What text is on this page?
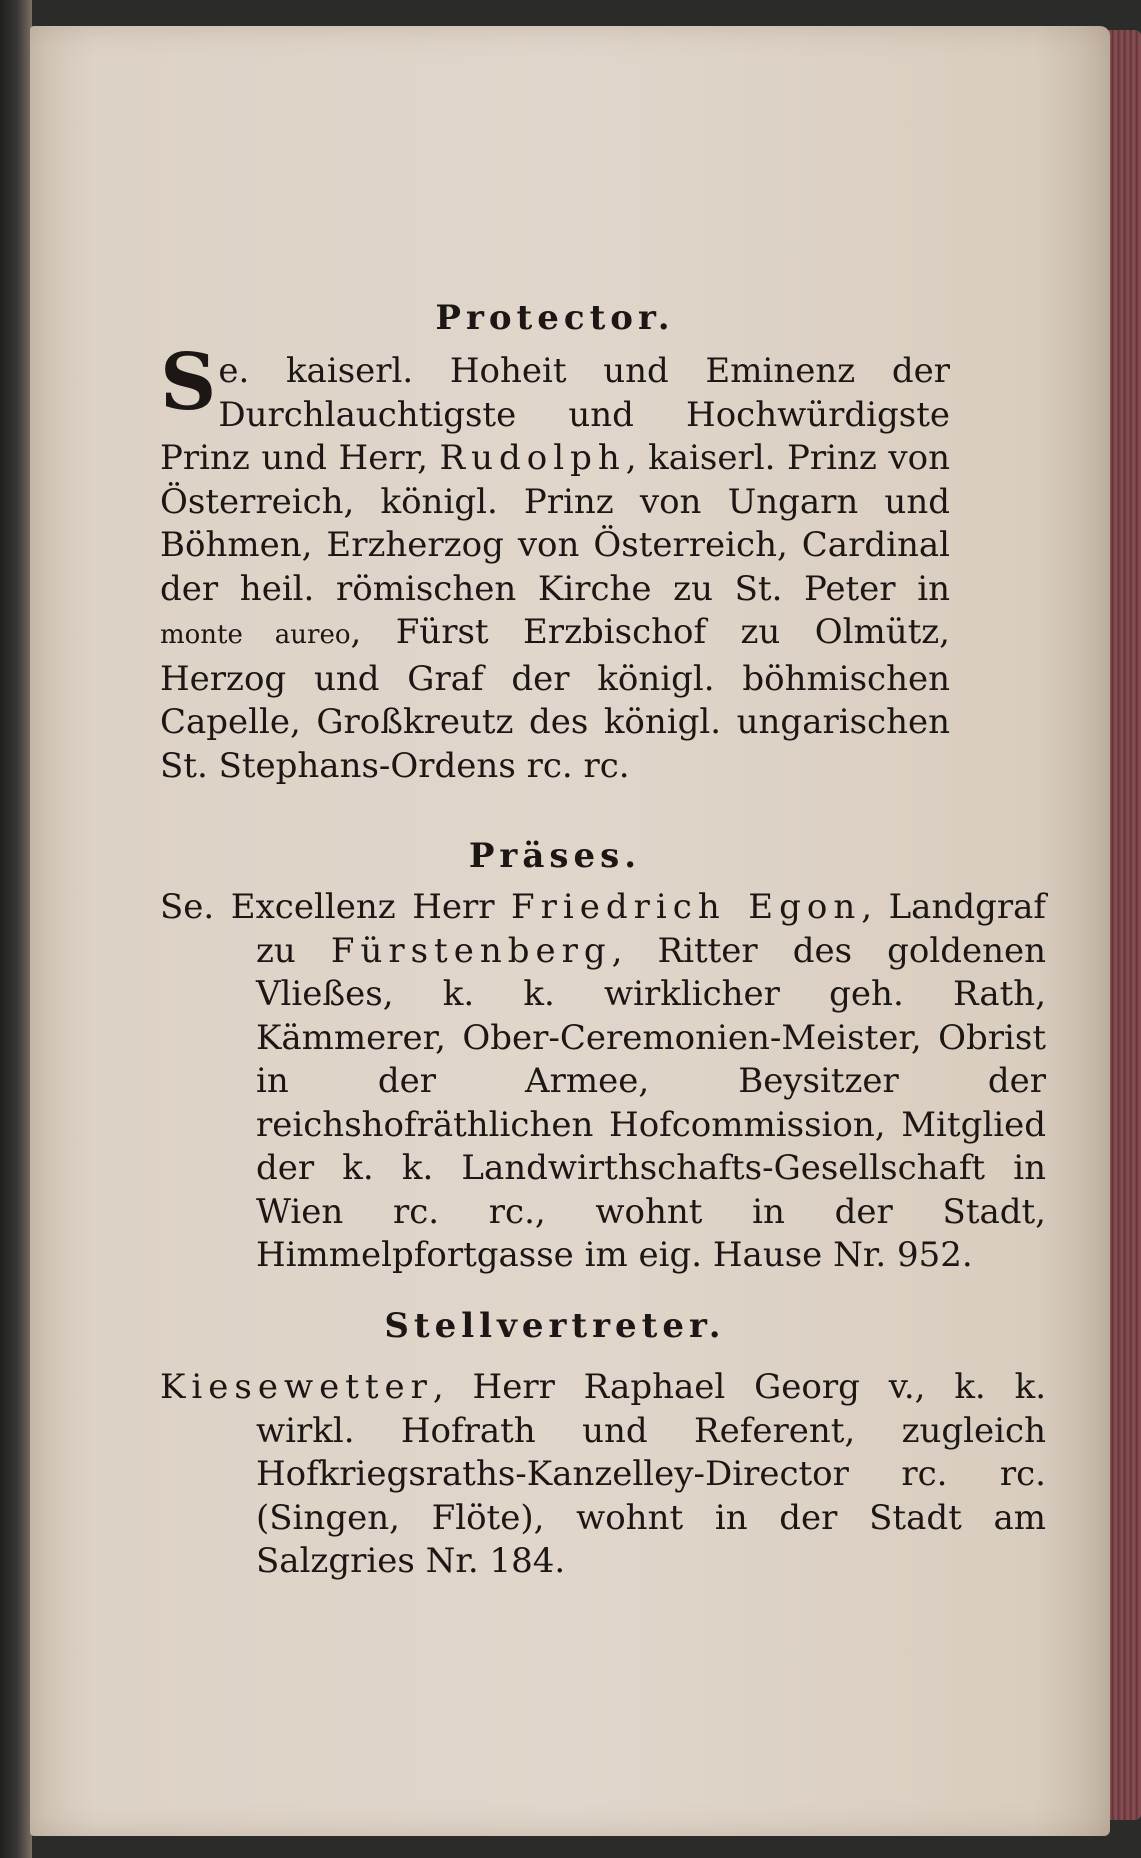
Protector.
Se. kaiserl. Hoheit und Eminenz der Durchlauchtigste und Hochwürdigste Prinz und Herr, Rudolph, kaiserl. Prinz von Österreich, königl. Prinz von Ungarn und Böhmen, Erzherzog von Österreich, Cardinal der heil. römischen Kirche zu St. Peter in monte aureo, Fürst Erzbischof zu Olmütz, Herzog und Graf der königl. böhmischen Capelle, Großkreutz des königl. ungarischen St. Stephans-Ordens rc. rc.
Präses.
Se. Excellenz Herr Friedrich Egon, Landgraf zu Fürstenberg, Ritter des goldenen Vließes, k. k. wirklicher geh. Rath, Kämmerer, Ober-Ceremonien-Meister, Obrist in der Armee, Beysitzer der reichshofräthlichen Hofcommission, Mitglied der k. k. Landwirthschafts-Gesellschaft in Wien rc. rc., wohnt in der Stadt, Himmelpfortgasse im eig. Hause Nr. 952.
Stellvertreter.
Kiesewetter, Herr Raphael Georg v., k. k. wirkl. Hofrath und Referent, zugleich Hofkriegsraths-Kanzelley-Director rc. rc. (Singen, Flöte), wohnt in der Stadt am Salzgries Nr. 184.
